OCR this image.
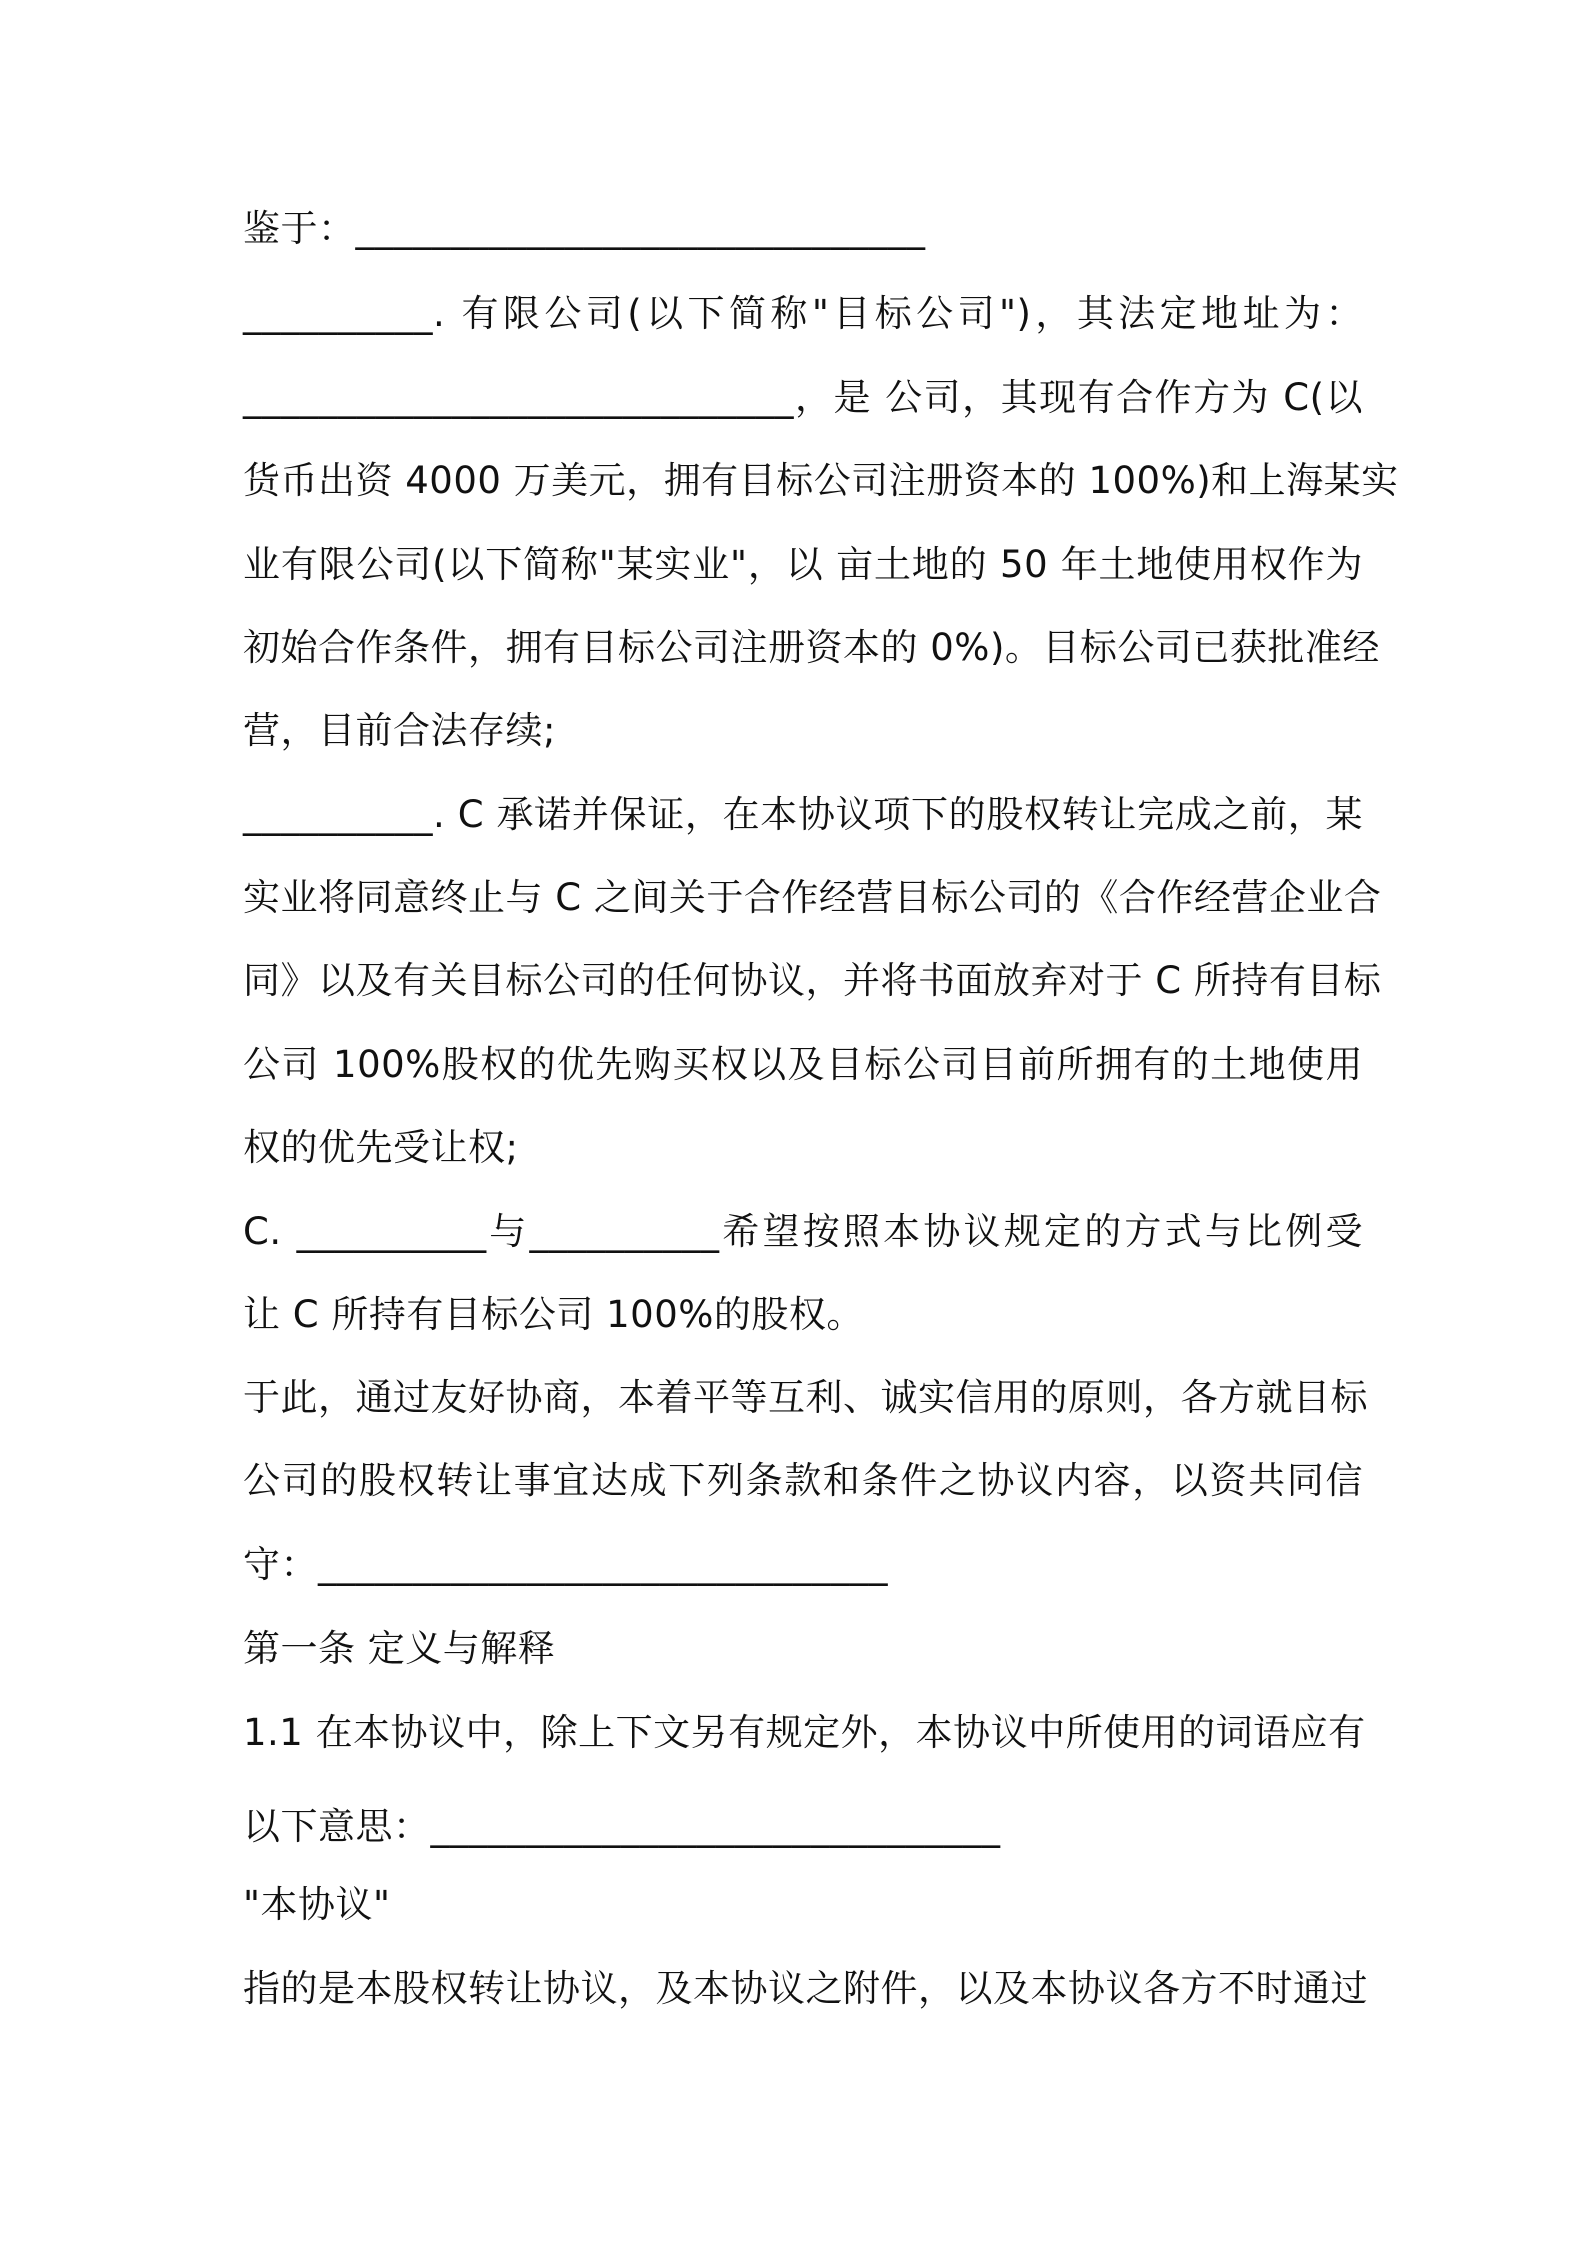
鉴于：______________________________

__________. 有限公司(以下简称"目标公司")，其法定地址为：

_____________________________，是 公司，其现有合作方为 C(以

货币出资 4000 万美元，拥有目标公司注册资本的 100%)和上海某实

业有限公司(以下简称"某实业"，以 亩土地的 50 年土地使用权作为

初始合作条件，拥有目标公司注册资本的 0%)。目标公司已获批准经

营，目前合法存续;

__________. C 承诺并保证，在本协议项下的股权转让完成之前，某

实业将同意终止与 C 之间关于合作经营目标公司的《合作经营企业合

同》以及有关目标公司的任何协议，并将书面放弃对于 C 所持有目标

公司 100%股权的优先购买权以及目标公司目前所拥有的土地使用

权的优先受让权;

C. __________与__________希望按照本协议规定的方式与比例受

让 C 所持有目标公司 100%的股权。

于此，通过友好协商，本着平等互利、诚实信用的原则，各方就目标

公司的股权转让事宜达成下列条款和条件之协议内容，以资共同信

守：______________________________

第一条 定义与解释

1.1 在本协议中，除上下文另有规定外，本协议中所使用的词语应有

以下意思：______________________________

"本协议"

指的是本股权转让协议，及本协议之附件，以及本协议各方不时通过
